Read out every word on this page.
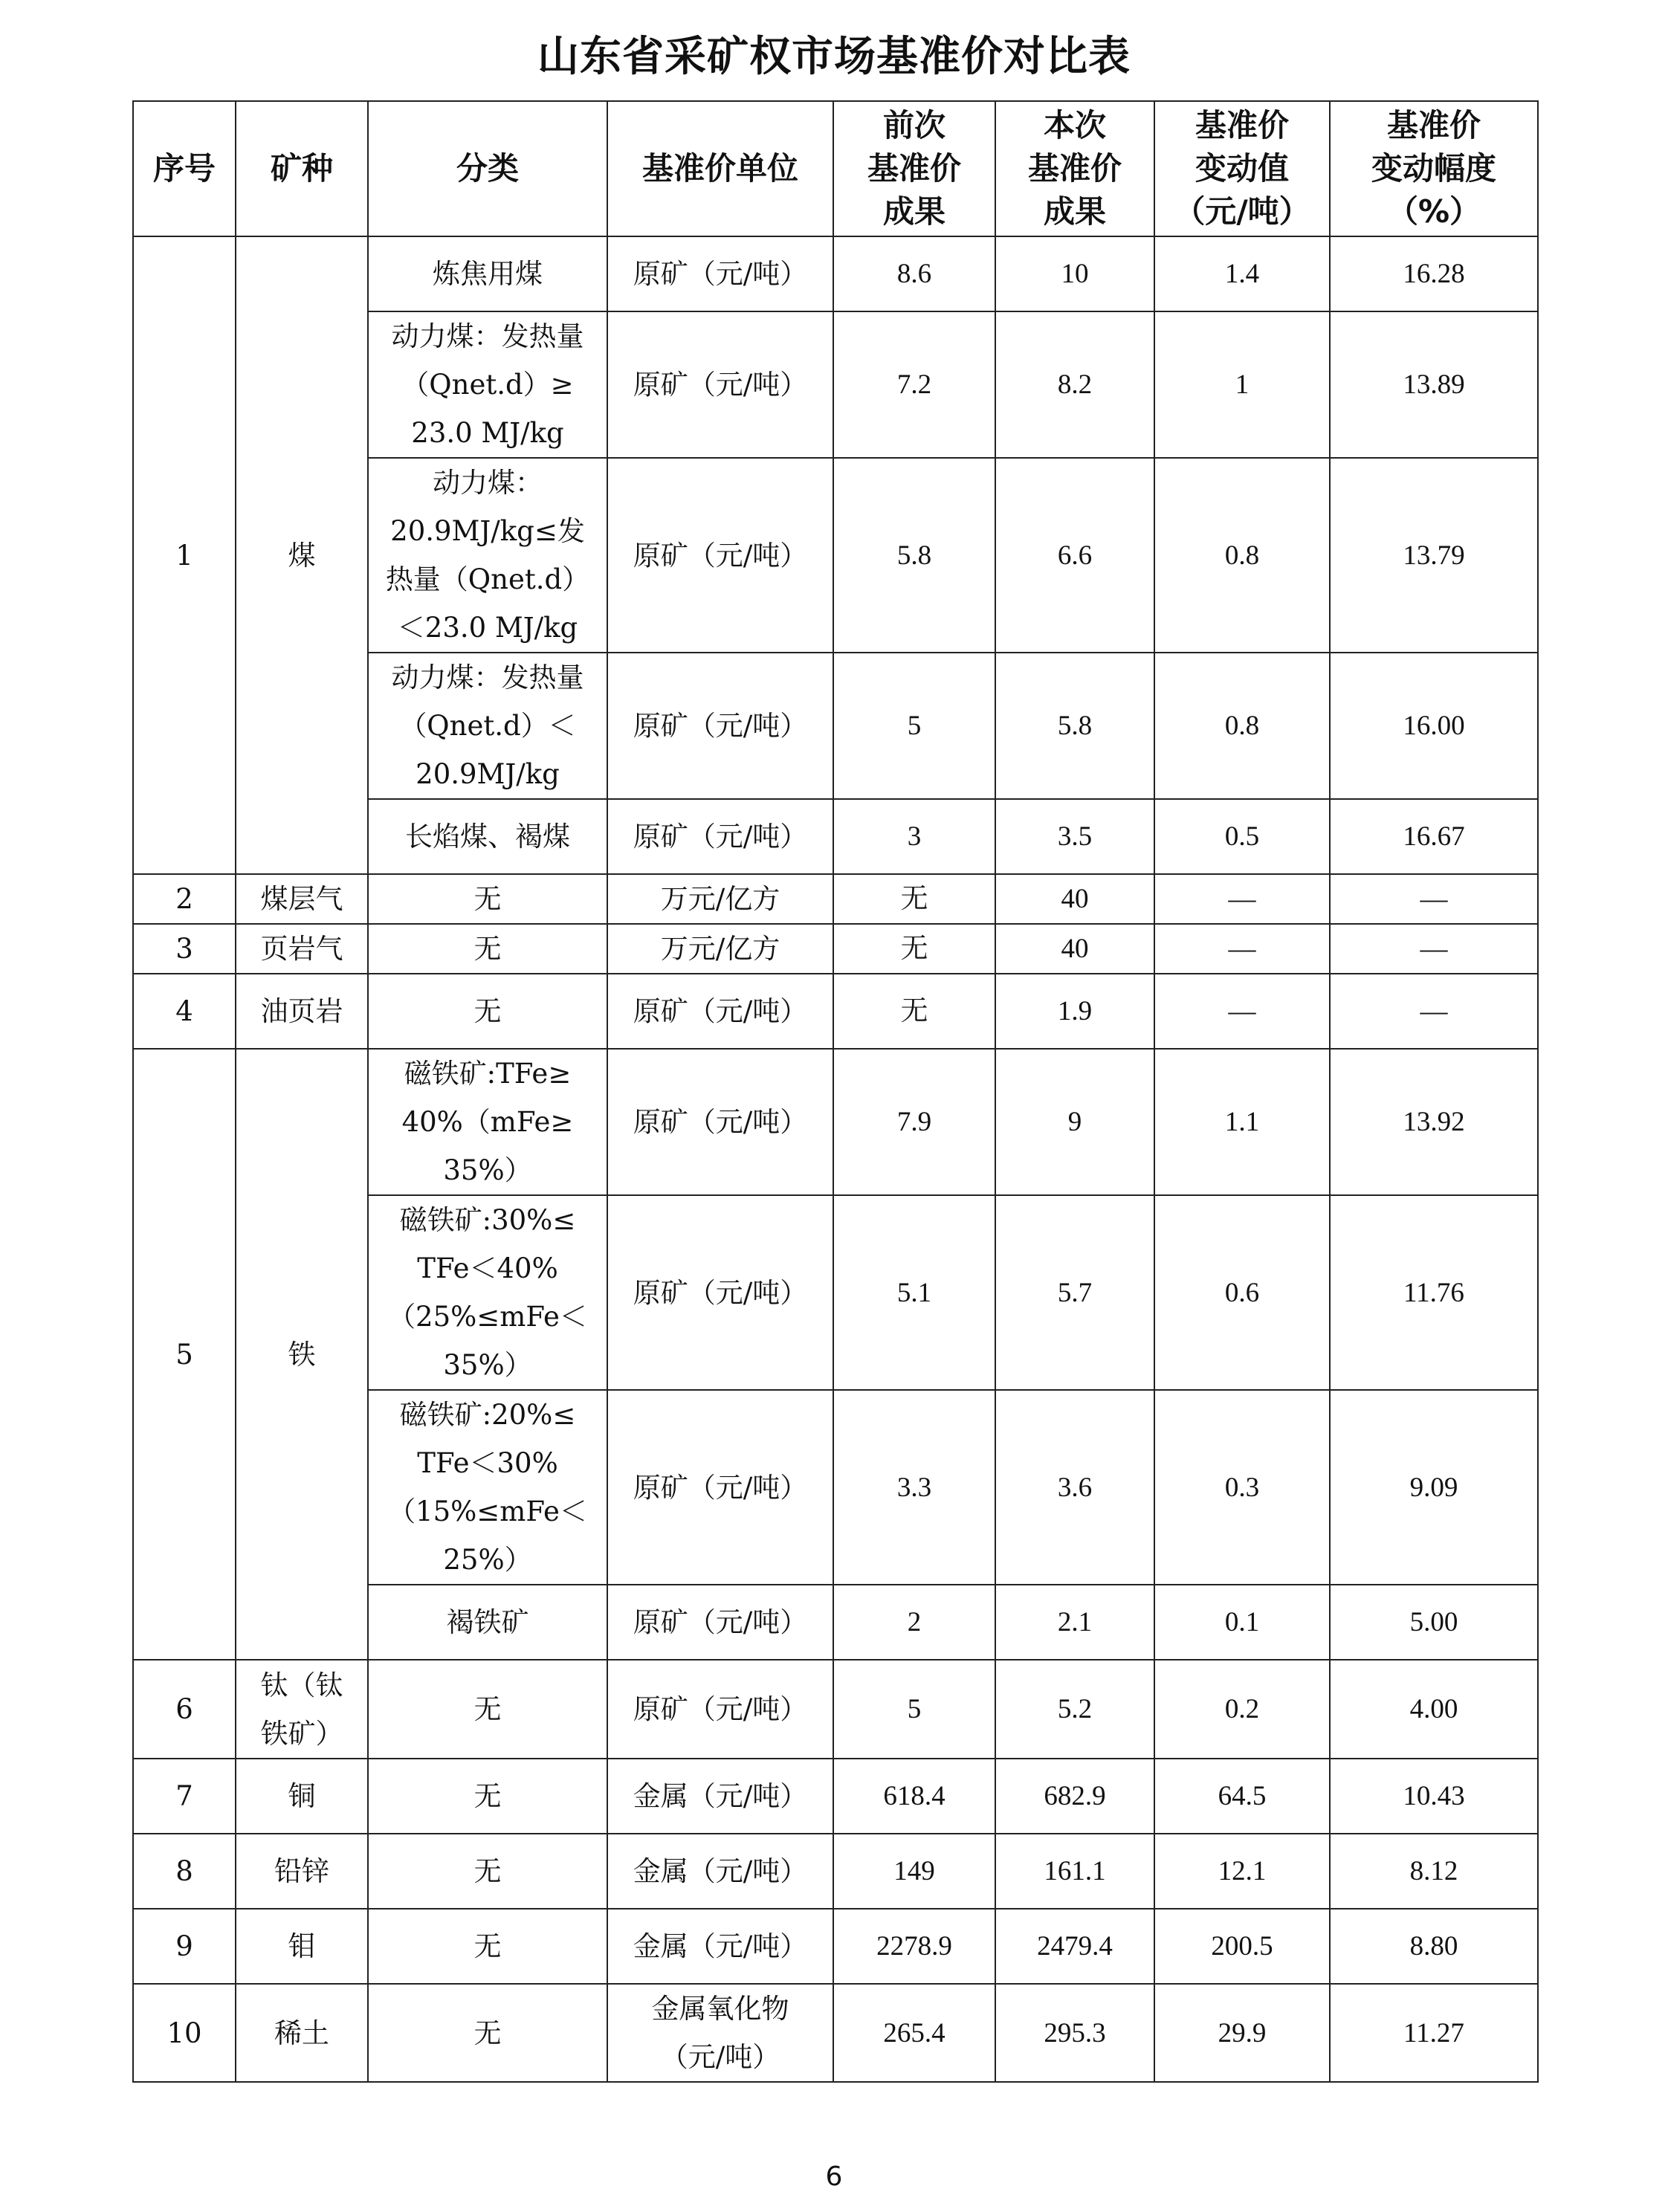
山东省采矿权市场基准价对比表
序号	矿种	分类	基准价单位	前次
基准价
成果	本次
基准价
成果	基准价
变动值
（元/吨）	基准价
变动幅度
（%）
1	煤	炼焦用煤	原矿（元/吨）	8.6	10	1.4	16.28
		动力煤：发热量
（Qnet.d）≥
23.0 MJ/kg	原矿（元/吨）	7.2	8.2	1	13.89
		动力煤：
20.9MJ/kg≤发
热量（Qnet.d）
＜23.0 MJ/kg	原矿（元/吨）	5.8	6.6	0.8	13.79
		动力煤：发热量
（Qnet.d）＜
20.9MJ/kg	原矿（元/吨）	5	5.8	0.8	16.00
		长焰煤、褐煤	原矿（元/吨）	3	3.5	0.5	16.67
2	煤层气	无	万元/亿方	无	40	—	—
3	页岩气	无	万元/亿方	无	40	—	—
4	油页岩	无	原矿（元/吨）	无	1.9	—	—
5	铁	磁铁矿:TFe≥
40%（mFe≥
35%）	原矿（元/吨）	7.9	9	1.1	13.92
		磁铁矿:30%≤
TFe＜40%
（25%≤mFe＜
35%）	原矿（元/吨）	5.1	5.7	0.6	11.76
		磁铁矿:20%≤
TFe＜30%
（15%≤mFe＜
25%）	原矿（元/吨）	3.3	3.6	0.3	9.09
		褐铁矿	原矿（元/吨）	2	2.1	0.1	5.00
6	钛（钛
铁矿）	无	原矿（元/吨）	5	5.2	0.2	4.00
7	铜	无	金属（元/吨）	618.4	682.9	64.5	10.43
8	铅锌	无	金属（元/吨）	149	161.1	12.1	8.12
9	钼	无	金属（元/吨）	2278.9	2479.4	200.5	8.80
10	稀土	无	金属氧化物
（元/吨）	265.4	295.3	29.9	11.27
6
